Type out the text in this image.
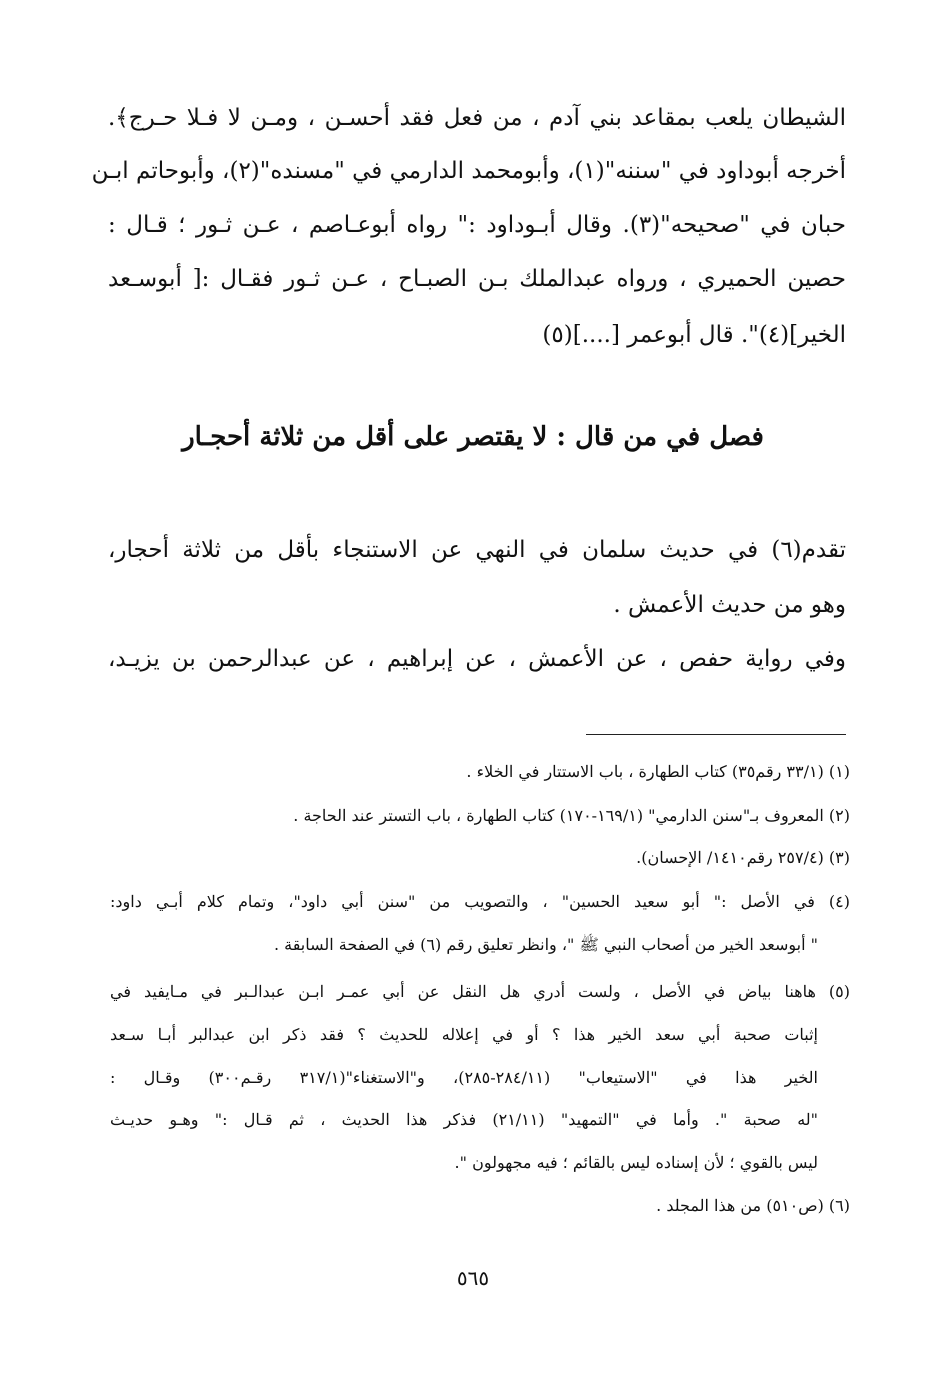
الشيطان يلعب بمقاعد بني آدم ، من فعل فقد أحسـن ، ومـن لا فـلا حـرج﴾.
أخرجه أبوداود في "سننه"(١)، وأبومحمد الدارمي في "مسنده"(٢)، وأبوحاتم ابـن
حبان في "صحيحه"(٣). وقال أبـوداود :" رواه أبوعـاصم ، عـن ثـور ؛ قـال :
حصين الحميري ، ورواه عبدالملك بـن الصبـاح ، عـن ثـور فقـال :[ أبوسـعد
الخير](٤)". قال أبوعمر [....](٥)
فصل في من قال : لا يقتصر على أقل من ثلاثة أحجـار
تقدم(٦) في حديث سلمان في النهي عن الاستنجاء بأقل من ثلاثة أحجار،
وهو من حديث الأعمش .
وفي رواية حفص ، عن الأعمش ، عن إبراهيم ، عن عبدالرحمن بن يزيـد،
(١) (٣٣/١ رقم٣٥) كتاب الطهارة ، باب الاستتار في الخلاء .
(٢) المعروف بـ"سنن الدارمي" (١٦٩/١-١٧٠) كتاب الطهارة ، باب التستر عند الحاجة .
(٣) (٢٥٧/٤ رقم١٤١٠/ الإحسان).
(٤) في الأصل :" أبو سعيد الحسين" ، والتصويب من "سنن أبي داود"، وتمام كلام أبـي داود:
" أبوسعد الخير من أصحاب النبي ﷺ "، وانظر تعليق رقم (٦) في الصفحة السابقة .
(٥) هاهنا بياض في الأصل ، ولست أدري هل النقل عن أبي عمـر ابـن عبدالـبر في مـايفيد في
إثبات صحبة أبي سعد الخير هذا ؟ أو في إعلاله للحديث ؟ فقد ذكر ابن عبدالبر أبـا سـعد
الخير هذا في "الاستيعاب" (٢٨٤/١١-٢٨٥)، و"الاستغناء"(٣١٧/١ رقـم٣٠٠) وقـال :
"له صحبة ". وأما في "التمهيد" (٢١/١١) فذكر هذا الحديث ، ثم قـال :" وهـو حديـث
ليس بالقوي ؛ لأن إسناده ليس بالقائم ؛ فيه مجهولون ".
(٦) (ص٥١٠) من هذا المجلد .
٥٦٥
